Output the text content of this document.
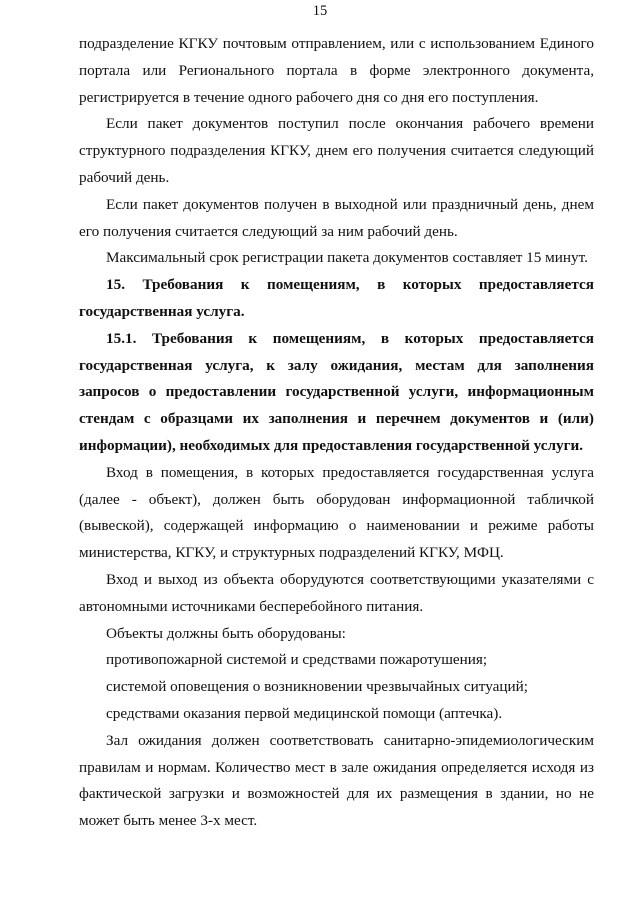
15

подразделение КГКУ почтовым отправлением, или с использованием Единого портала или Регионального портала в форме электронного документа, регистрируется в течение одного рабочего дня со дня его поступления.

Если пакет документов поступил после окончания рабочего времени структурного подразделения КГКУ, днем его получения считается следующий рабочий день.

Если пакет документов получен в выходной или праздничный день, днем его получения считается следующий за ним рабочий день.

Максимальный срок регистрации пакета документов составляет 15 минут.

15. Требования к помещениям, в которых предоставляется государственная услуга.

15.1. Требования к помещениям, в которых предоставляется государственная услуга, к залу ожидания, местам для заполнения запросов о предоставлении государственной услуги, информационным стендам с образцами их заполнения и перечнем документов и (или) информации), необходимых для предоставления государственной услуги.

Вход в помещения, в которых предоставляется государственная услуга (далее - объект), должен быть оборудован информационной табличкой (вывеской), содержащей информацию о наименовании и режиме работы министерства, КГКУ, и структурных подразделений КГКУ, МФЦ.

Вход и выход из объекта оборудуются соответствующими указателями с автономными источниками бесперебойного питания.

Объекты должны быть оборудованы:

противопожарной системой и средствами пожаротушения;

системой оповещения о возникновении чрезвычайных ситуаций;

средствами оказания первой медицинской помощи (аптечка).

Зал ожидания должен соответствовать санитарно-эпидемиологическим правилам и нормам. Количество мест в зале ожидания определяется исходя из фактической загрузки и возможностей для их размещения в здании, но не может быть менее 3-х мест.
